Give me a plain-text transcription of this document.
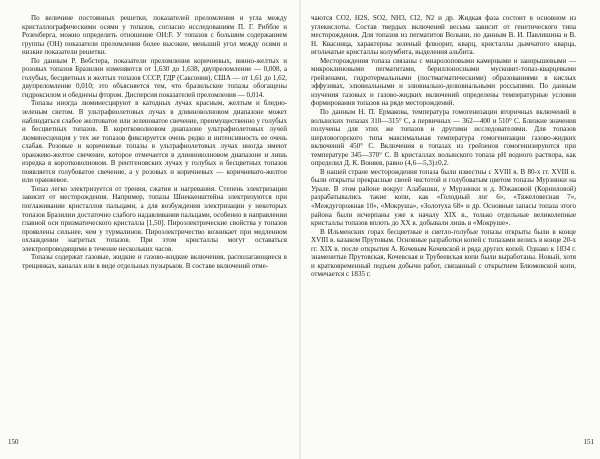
По величине постоянных решетки, показателей преломления и угла между кристаллографическими осями у топазов, согласно исследованиям П. Г. Риббле и Розенберга, можно определить отношение OH:F. У топазов с большим содержанием группы (OH) показатели преломления более высокие, меньший угол между осями и низкие показатели решетки.

По данным Р. Вебстера, показатели преломления коричневых, винно-желтых и розовых топазов Бразилии изменяются от 1,630 до 1,638, двупреломление — 0,008, а голубых, бесцветных и желтых топазов СССР, ГДР (Саксония), США — от 1,61 до 1,62, двупреломление 0,010; это объясняется тем, что бразильские топазы обогащены гидроксилом и обеднены фтором. Дисперсия показателей преломления — 0,014.

Топазы иногда люминесцируют в катодных лучах красным, желтым и бледно-зеленым светом. В ультрафиолетовых лучах в длинноволновом диапазоне может наблюдаться слабое желтоватое или зеленоватое свечение, преимущественно у голубых и бесцветных топазов. В коротковолновом диапазоне ультрафиолетовых лучей люминесценция у тех же топазов фиксируется очень редко и интенсивность ее очень слабая. Розовые и коричневые топазы в ультрафиолетовых лучах иногда имеют оранжево-желтое свечение, которое отмечается в длинноволновом диапазоне и лишь изредка в коротковолновом. В рентгеновских лучах у голубых и бесцветных топазов появляется голубоватое свечение, а у розовых и коричневых — коричневато-желтое или оранжевое.

Топаз легко электризуется от трения, сжатия и нагревания. Степень электризации зависит от месторождения. Например, топазы Шнеккенштейна электризуются при поглаживании кристаллов пальцами, а для возбуждения электризации у некоторых топазов Бразилии достаточно слабого надавливания пальцами, особенно в направлении главной оси призматического кристалла [1,50]. Пироэлектрические свойства у топазов проявлены сильнее, чем у турмалинов. Пироэлектричество возникает при медленном охлаждении нагретых топазов. При этом кристаллы могут оставаться электропроводящими в течение нескольких часов.

Топазы содержат газовые, жидкие и газово-жидкие включения, располагающиеся в трещинках, каналах или в виде отдельных пузырьков. В составе включений отме-

150

чаются CO2, H2S, SO2, NH3, Cl2, N2 и др. Жидкая фаза состоит в основном из углекислоты. Состав твердых включений весьма зависит от генетического типа месторождения. Для топазов из пегматитов Волыни, по данным В. И. Павлишина и В. Н. Квасница, характерны зеленый флюорит, кварц, кристаллы дымчатого кварца, игольчатые кристаллы колумбита, выделения альбита.

Месторождения топаза связаны с миаролоповыми камерными и занорышевыми — микроклиновыми пегматитами, бериллоносными мусковит-топаз-кварцевыми грейзенами, гидротермальными (постмагматическими) образованиями в кислых эффузивах, элювиальными и элювиально-делювиальными россыпями. По данным изучения газовых и газово-жидких включений определены температурные условия формирования топазов на ряде месторождений.

По данным Н. П. Ермакова, температура гомогенизации вторичных включений в волынских топазах 310—315° С, а первичных — 362—400 и 510° С. Близкие значения получены для этих же топазов и другими исследователями. Для топазов шерловогорского типа максимальная температура гомогенизации газово-жидких включений 450° С. Включения в топазах из грейзенов гомогенизируются при температуре 345—370° С. В кристаллах волынского топаза pH водного раствора, как определил Д. К. Воняев, равно (4,6—5,3)±0,2.

В нашей стране месторождения топаза были известны с XVIII в. В 80-х гг. XVIII в. были открыты прекрасные своей чистотой и голубоватым цветом топазы Мурзинки на Урале. В этом районе вокруг Алабашки, у Мурзинки и д. Южаковой (Корниловой) разрабатывались такие копи, как «Голодный лог 6», «Тяжеловесная 7», «Междугорожная 10», «Мокруша», «Золотуха 68» и др. Основные запасы топаза этого района были исчерпаны уже к началу XIX в., только отдельные великолепные кристаллы топазов вплоть до XX в. добывали лишь в «Мокруше».

В Ильменских горах бесцветные и светло-голубые топазы открыты были в конце XVIII в. казаком Прутовым. Основные разработки копей с топазами велись в конце 20-х гг. XIX в. после открытия А. Кочевым Кочевской и ряда других копей. Однако к 1834 г. знаменитые Прутовская, Кочевская и Трубеевская копи были выработаны. Новый, хотя и кратковременный подъем добычи работ, связанный с открытием Блюмовской копи, отмечается с 1835 г.

151
